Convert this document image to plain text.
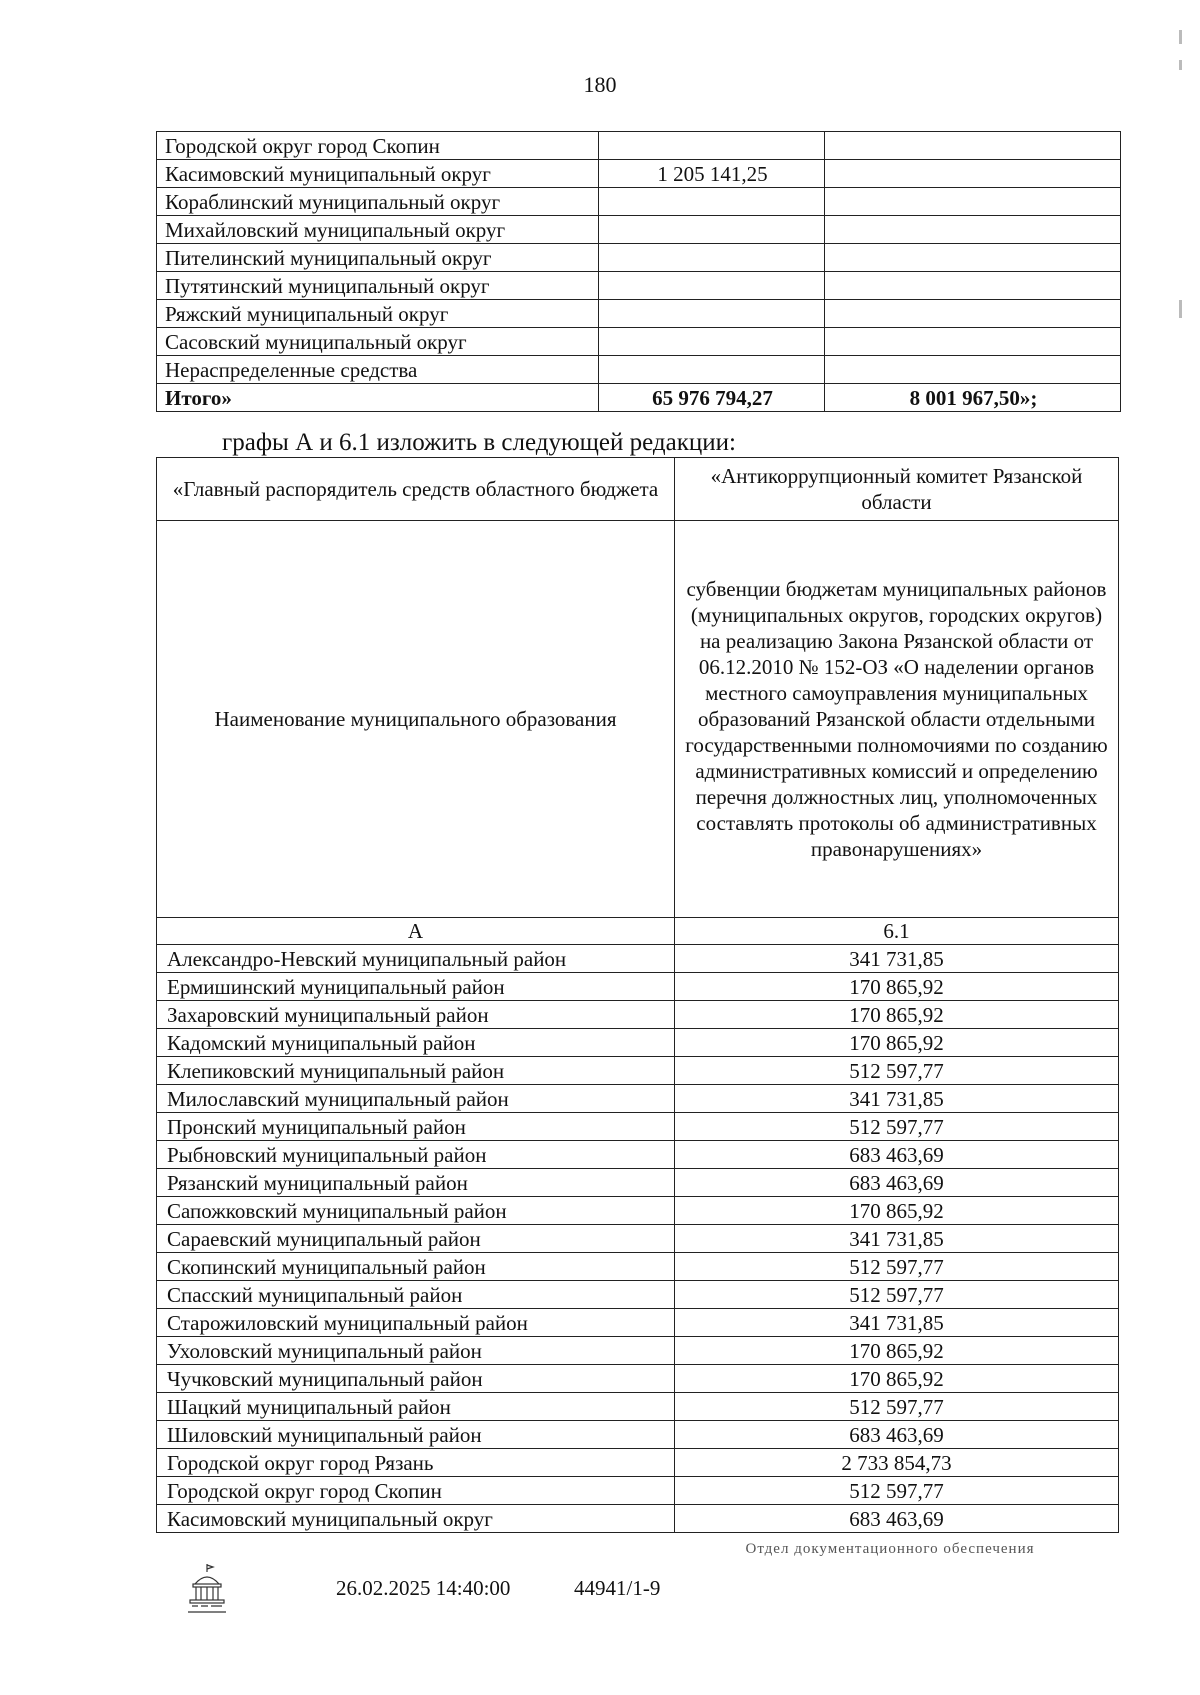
180
Городской округ город Скопин		
Касимовский муниципальный округ	1 205 141,25	
Кораблинский муниципальный округ		
Михайловский муниципальный округ		
Пителинский муниципальный округ		
Путятинский муниципальный округ		
Ряжский муниципальный округ		
Сасовский муниципальный округ		
Нераспределенные средства		
Итого»	65 976 794,27	8 001 967,50»;
графы А и 6.1 изложить в следующей редакции:
«Главный распорядитель средств областного бюджета	«Антикоррупционный комитет Рязанской области
Наименование муниципального образования	субвенции бюджетам муниципальных районов (муниципальных округов, городских округов) на реализацию Закона Рязанской области от 06.12.2010 № 152-ОЗ «О наделении органов местного самоуправления муниципальных образований Рязанской области отдельными государственными полномочиями по созданию административных комиссий и определению перечня должностных лиц, уполномоченных составлять протоколы об административных правонарушениях»
А	6.1
Александро-Невский муниципальный район	341 731,85
Ермишинский муниципальный район	170 865,92
Захаровский муниципальный район	170 865,92
Кадомский муниципальный район	170 865,92
Клепиковский муниципальный район	512 597,77
Милославский муниципальный район	341 731,85
Пронский муниципальный район	512 597,77
Рыбновский муниципальный район	683 463,69
Рязанский муниципальный район	683 463,69
Сапожковский муниципальный район	170 865,92
Сараевский муниципальный район	341 731,85
Скопинский муниципальный район	512 597,77
Спасский муниципальный район	512 597,77
Старожиловский муниципальный район	341 731,85
Ухоловский муниципальный район	170 865,92
Чучковский муниципальный район	170 865,92
Шацкий муниципальный район	512 597,77
Шиловский муниципальный район	683 463,69
Городской округ город Рязань	2 733 854,73
Городской округ город Скопин	512 597,77
Касимовский муниципальный округ	683 463,69
26.02.2025 14:40:00	44941/1-9
Отдел документационного обеспечения
